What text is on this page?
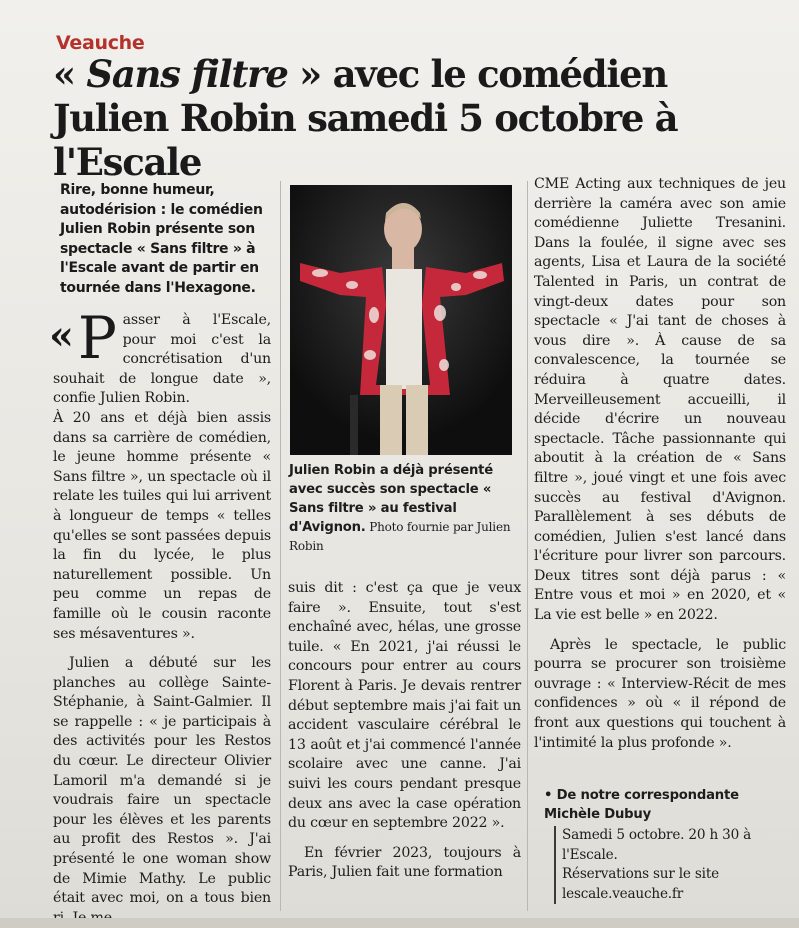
Veauche
« Sans filtre » avec le comédien Julien Robin samedi 5 octobre à l'Escale
Rire, bonne humeur, autodérision : le comédien Julien Robin présente son spectacle « Sans filtre » à l'Escale avant de partir en tournée dans l'Hexagone.

« P asser à l'Escale, pour moi c'est la concrétisation d'un souhait de longue date », confie Julien Robin.

À 20 ans et déjà bien assis dans sa carrière de comédien, le jeune homme présente « Sans filtre », un spectacle où il relate les tuiles qui lui arrivent à longueur de temps « telles qu'elles se sont passées depuis la fin du lycée, le plus naturellement possible. Un peu comme un repas de famille où le cousin raconte ses mésaventures ».

Julien a débuté sur les planches au collège Sainte-Stéphanie, à Saint-Galmier. Il se rappelle : « je participais à des activités pour les Restos du cœur. Le directeur Olivier Lamoril m'a demandé si je voudrais faire un spectacle pour les élèves et les parents au profit des Restos ». J'ai présenté le one woman show de Mimie Mathy. Le public était avec moi, on a tous bien

Julien Robin a déjà présenté avec succès son spectacle « Sans filtre » au festival d'Avignon. Photo fournie par Julien Robin

suis dit : c'est ça que je veux faire ». Ensuite, tout s'est enchaîné avec, hélas, une grosse tuile. « En 2021, j'ai réussi le concours pour entrer au cours Florent à Paris. Je devais rentrer début septembre mais j'ai fait un accident vasculaire cérébral le 13 août et j'ai commencé l'année scolaire avec une canne. J'ai suivi les cours pendant presque deux ans avec la case opération du cœur en septembre 2022 ».

En février 2023, toujours à Paris, Julien fait une formation

CME Acting aux techniques de jeu derrière la caméra avec son amie comédienne Juliette Tresanini. Dans la foulée, il signe avec ses agents, Lisa et Laura de la société Talented in Paris, un contrat de vingt-deux dates pour son spectacle « J'ai tant de choses à vous dire ». À cause de sa convalescence, la tournée se réduira à quatre dates. Merveilleusement accueilli, il décide d'écrire un nouveau spectacle. Tâche passionnante qui aboutit à la création de « Sans filtre », joué vingt et une fois avec succès au festival d'Avignon. Parallèlement à ses débuts de comédien, Julien s'est lancé dans l'écriture pour livrer son parcours. Deux titres sont déjà parus : « Entre vous et moi » en 2020, et « La vie est belle » en 2022.

Après le spectacle, le public pourra se procurer son troisième ouvrage : « Interview-Récit de mes confidences » où « il répond de front aux questions qui touchent à l'intimité la plus profonde ».

• De notre correspondante
Michèle Dubuy

Samedi 5 octobre. 20 h 30 à l'Escale.

Réservations sur le site lescale.veauche.fr
